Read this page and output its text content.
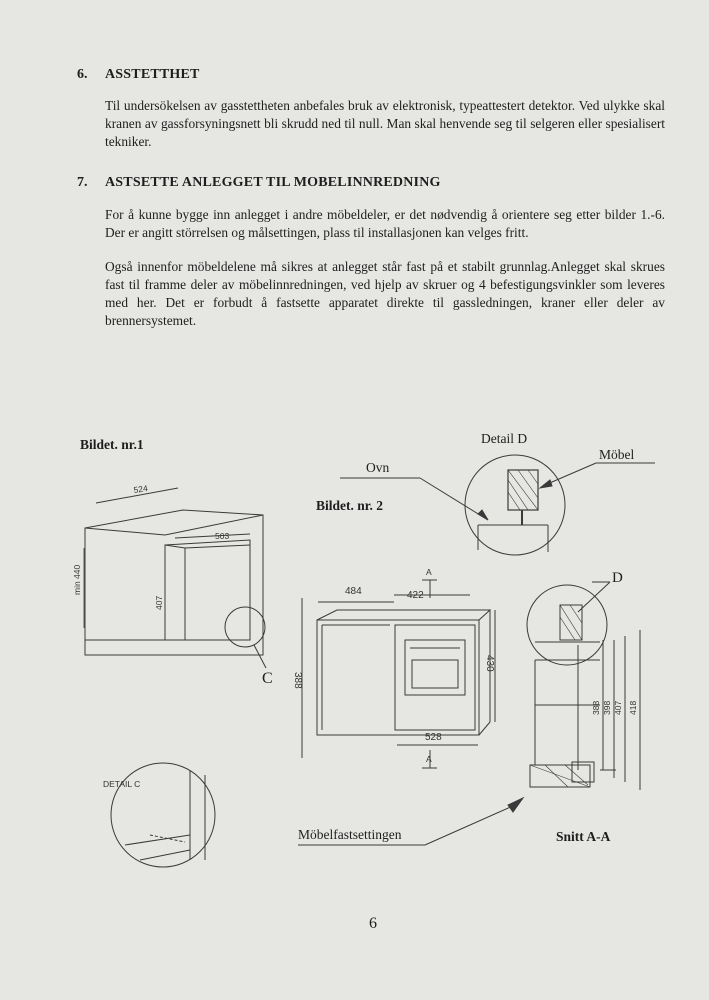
6. ASSTETTHET

Til undersökelsen av gasstettheten anbefales bruk av elektronisk, typeattestert detektor. Ved ulykke skal kranen av gassforsyningsnett bli skrudd ned til null. Man skal henvende seg til selgeren eller spesialisert tekniker.

7. ASTSETTE ANLEGGET TIL MOBELINNREDNING

For å kunne bygge inn anlegget i andre möbeldeler, er det nødvendig å orientere seg etter bilder 1.-6. Der er angitt störrelsen og målsettingen, plass til installasjonen kan velges fritt.

Også innenfor möbeldelene må sikres at anlegget står fast på et stabilt grunnlag.Anlegget skal skrues fast til framme deler av möbelinnredningen, ved hjelp av skruer og 4 befestigungsvinkler som leveres med her. Det er forbudt å fastsette apparatet direkte til gassledningen, kraner eller deler av brennersystemet.

Bildet. nr.1	Detail D
Ovn
Möbel
Bildet. nr. 2
C
D
Möbelfastsettingen	Snitt A-A
524
503
min 440
407
484	422
528
388
430
A
A
388 398 407 418
DETAIL C
6
